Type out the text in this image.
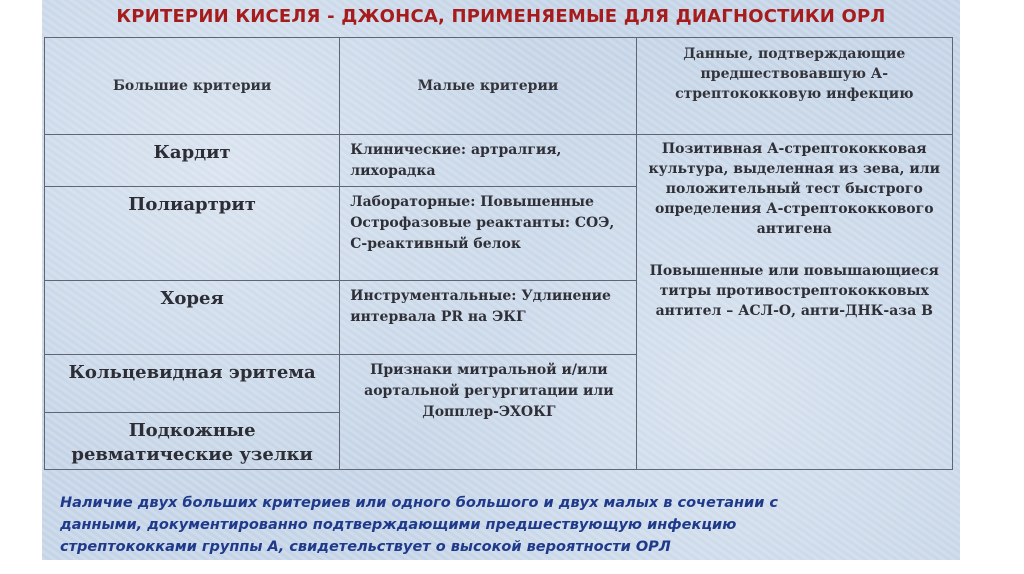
КРИТЕРИИ КИСЕЛЯ - ДЖОНСА, ПРИМЕНЯЕМЫЕ ДЛЯ ДИАГНОСТИКИ ОРЛ
Большие критерии	Малые критерии	Данные, подтверждающие предшествовавшую А-стрептококковую инфекцию
Кардит	Клинические: артралгия, лихорадка	Позитивная А-стрептококковая культура, выделенная из зева, или положительный тест быстрого определения А-стрептококкового антигена
Повышенные или повышающиеся титры противострептококковых антител – АСЛ-О, анти-ДНК-аза В

Полиартрит	Лабораторные: Повышенные Острофазовые реактанты: СОЭ, С-реактивный белок	
Хорея	Инструментальные: Удлинение интервала PR на ЭКГ	
Кольцевидная эритема	Признаки митральной и/или аортальной регургитации или Допплер-ЭХОКГ	
Подкожные ревматические узелки		
Наличие двух больших критериев или одного большого и двух малых в сочетании с
данными, документированно подтверждающими предшествующую инфекцию
стрептококками группы А, свидетельствует о высокой вероятности ОРЛ
